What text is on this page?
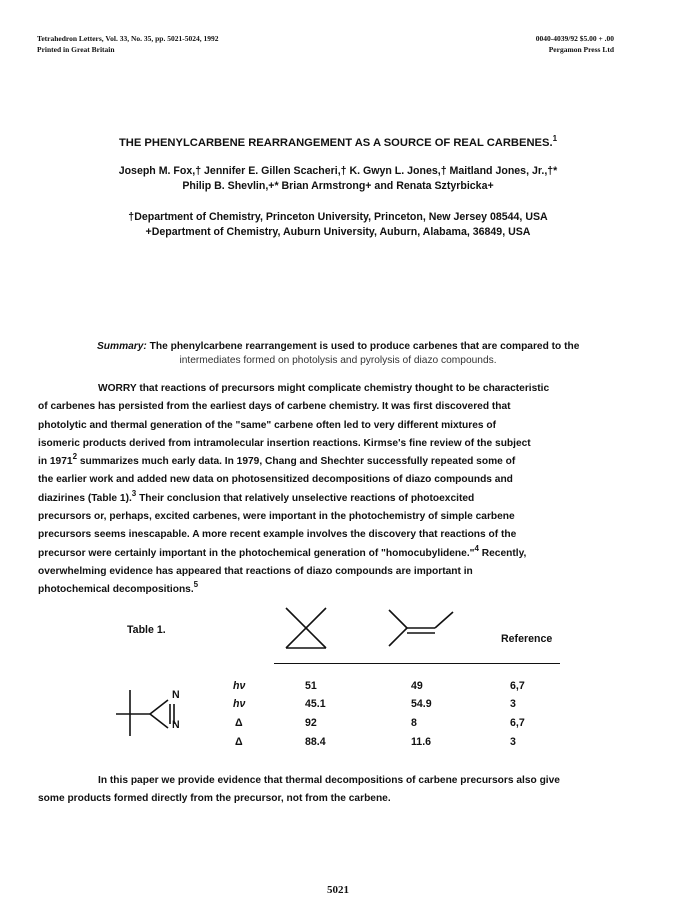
Tetrahedron Letters, Vol. 33, No. 35, pp. 5021-5024, 1992
Printed in Great Britain
0040-4039/92 $5.00 + .00
Pergamon Press Ltd
THE PHENYLCARBENE REARRANGEMENT AS A SOURCE OF REAL CARBENES.$^1$
Joseph M. Fox,† Jennifer E. Gillen Scacheri,† K. Gwyn L. Jones,† Maitland Jones, Jr.,†*
Philip B. Shevlin,+* Brian Armstrong+ and Renata Sztyrbicka+
†Department of Chemistry, Princeton University, Princeton, New Jersey 08544, USA
+Department of Chemistry, Auburn University, Auburn, Alabama, 36849, USA
Summary: The phenylcarbene rearrangement is used to produce carbenes that are compared to the
intermediates formed on photolysis and pyrolysis of diazo compounds.
WORRY that reactions of precursors might complicate chemistry thought to be characteristic
of carbenes has persisted from the earliest days of carbene chemistry. It was first discovered that
photolytic and thermal generation of the "same" carbene often led to very different mixtures of
isomeric products derived from intramolecular insertion reactions. Kirmse's fine review of the subject
in 1971$^2$ summarizes much early data. In 1979, Chang and Shechter successfully repeated some of
the earlier work and added new data on photosensitized decompositions of diazo compounds and
diazirines (Table 1).$^3$ Their conclusion that relatively unselective reactions of photoexcited
precursors or, perhaps, excited carbenes, were important in the photochemistry of simple carbene
precursors seems inescapable. A more recent example involves the discovery that reactions of the
precursor were certainly important in the photochemical generation of "homocubylidene."$^4$ Recently,
overwhelming evidence has appeared that reactions of diazo compounds are important in
photochemical decompositions.$^5$
Table 1.
Reference
N
N
hν	51	49	6,7
hν	45.1	54.9	3
Δ	92	8	6,7
Δ	88.4	11.6	3
In this paper we provide evidence that thermal decompositions of carbene precursors also give
some products formed directly from the precursor, not from the carbene.
5021
